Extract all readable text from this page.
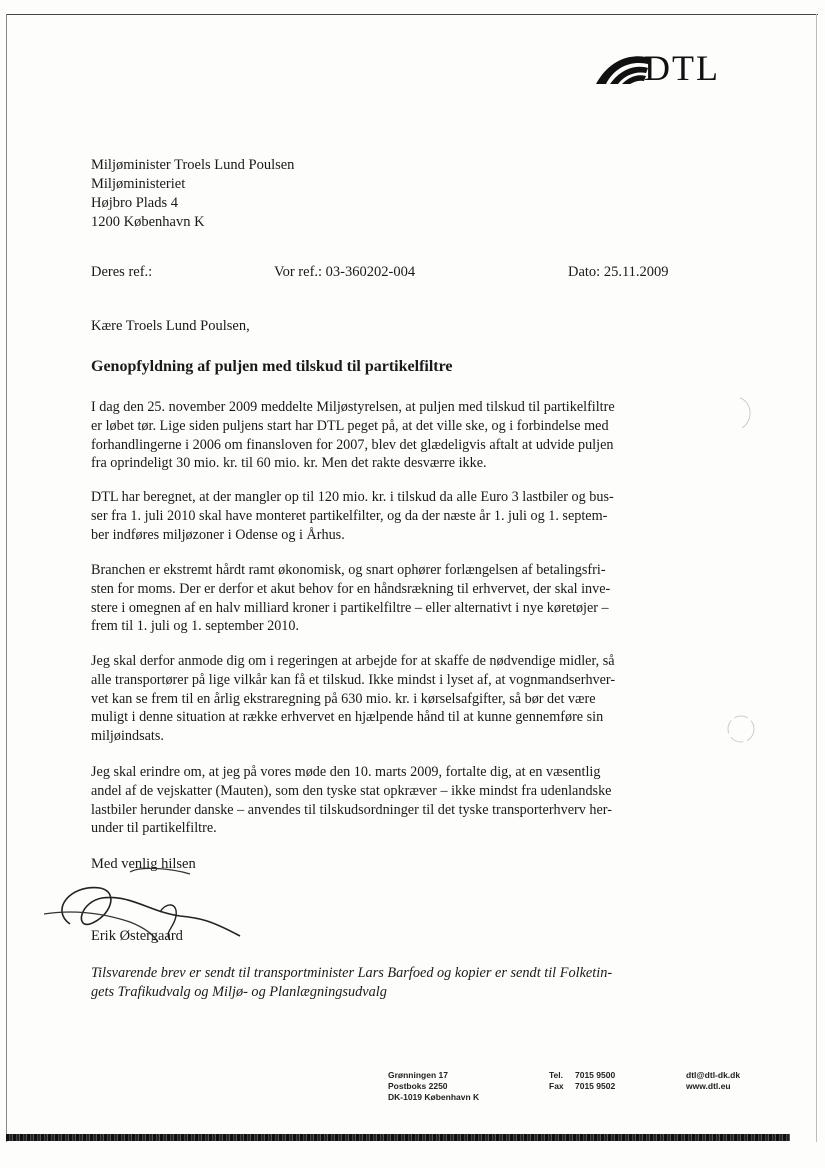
DTL
Miljøminister Troels Lund Poulsen
Miljøministeriet
Højbro Plads 4
1200 København K
Deres ref.:	Vor ref.: 03-360202-004	Dato: 25.11.2009
Kære Troels Lund Poulsen,
Genopfyldning af puljen med tilskud til partikelfiltre
I dag den 25. november 2009 meddelte Miljøstyrelsen, at puljen med tilskud til partikelfiltre
er løbet tør. Lige siden puljens start har DTL peget på, at det ville ske, og i forbindelse med
forhandlingerne i 2006 om finansloven for 2007, blev det glædeligvis aftalt at udvide puljen
fra oprindeligt 30 mio. kr. til 60 mio. kr. Men det rakte desværre ikke.
DTL har beregnet, at der mangler op til 120 mio. kr. i tilskud da alle Euro 3 lastbiler og bus-
ser fra 1. juli 2010 skal have monteret partikelfilter, og da der næste år 1. juli og 1. septem-
ber indføres miljøzoner i Odense og i Århus.
Branchen er ekstremt hårdt ramt økonomisk, og snart ophører forlængelsen af betalingsfri-
sten for moms. Der er derfor et akut behov for en håndsrækning til erhvervet, der skal inve-
stere i omegnen af en halv milliard kroner i partikelfiltre – eller alternativt i nye køretøjer –
frem til 1. juli og 1. september 2010.
Jeg skal derfor anmode dig om i regeringen at arbejde for at skaffe de nødvendige midler, så
alle transportører på lige vilkår kan få et tilskud. Ikke mindst i lyset af, at vognmandserhver-
vet kan se frem til en årlig ekstraregning på 630 mio. kr. i kørselsafgifter, så bør det være
muligt i denne situation at række erhvervet en hjælpende hånd til at kunne gennemføre sin
miljøindsats.
Jeg skal erindre om, at jeg på vores møde den 10. marts 2009, fortalte dig, at en væsentlig
andel af de vejskatter (Mauten), som den tyske stat opkræver – ikke mindst fra udenlandske
lastbiler herunder danske – anvendes til tilskudsordninger til det tyske transporterhverv her-
under til partikelfiltre.
Med venlig hilsen
Erik Østergaard
Tilsvarende brev er sendt til transportminister Lars Barfoed og kopier er sendt til Folketin-
gets Trafikudvalg og Miljø- og Planlægningsudvalg
Grønningen 17
Postboks 2250
DK-1019 København K
Tel. 7015 9500
Fax 7015 9502
dtl@dtl-dk.dk
www.dtl.eu
